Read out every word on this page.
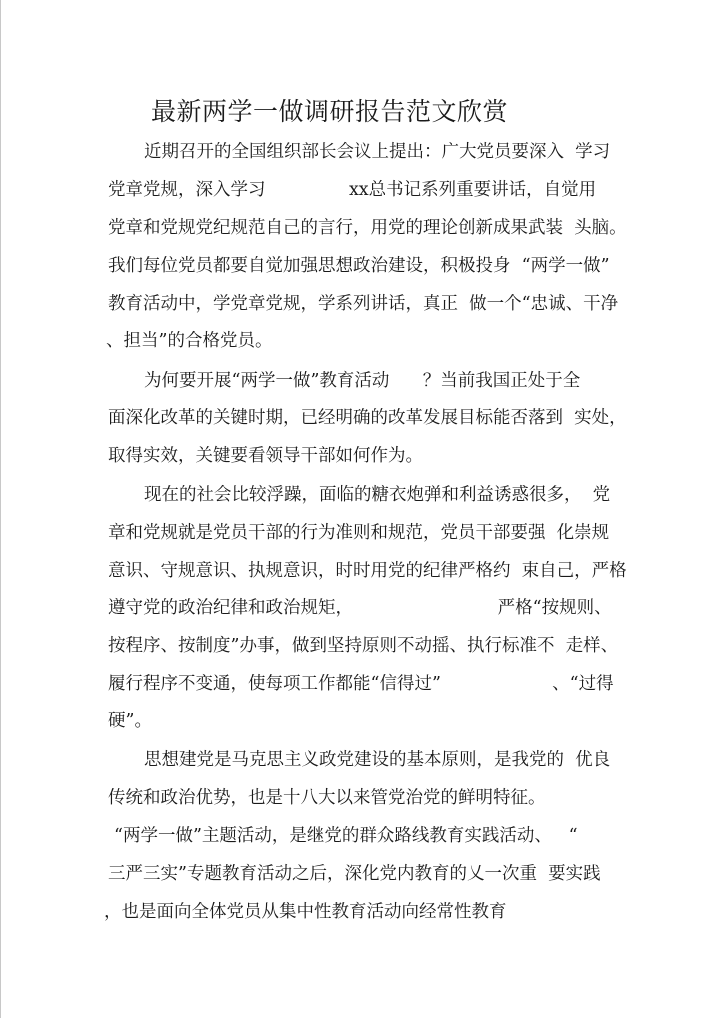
最新两学一做调研报告范文欣赏
近期召开的全国组织部长会议上提出：广大党员要深入  学习
党章党规，深入学习               xx总书记系列重要讲话，自觉用
党章和党规党纪规范自己的言行，用党的理论创新成果武装  头脑。
我们每位党员都要自觉加强思想政治建设，积极投身  “两学一做”
教育活动中，学党章党规，学系列讲话，真正  做一个“忠诚、干净
、担当”的合格党员。
为何要开展“两学一做”教育活动      ？当前我国正处于全
面深化改革的关键时期，已经明确的改革发展目标能否落到  实处，
取得实效，关键要看领导干部如何作为。
现在的社会比较浮躁，面临的糖衣炮弹和利益诱惑很多，  党
章和党规就是党员干部的行为准则和规范，党员干部要强  化崇规
意识、守规意识、执规意识，时时用党的纪律严格约  束自己，严格
遵守党的政治纪律和政治规矩，                          严格“按规则、
按程序、按制度”办事，做到坚持原则不动摇、执行标准不  走样、
履行程序不变通，使每项工作都能“信得过”                    、“过得
硬”。
思想建党是马克思主义政党建设的基本原则，是我党的  优良
传统和政治优势，也是十八大以来管党治党的鲜明特征。
“两学一做”主题活动，是继党的群众路线教育实践活动、   “
三严三实”专题教育活动之后，深化党内教育的乂一次重  要实践
，也是面向全体党员从集中性教育活动向经常性教育
